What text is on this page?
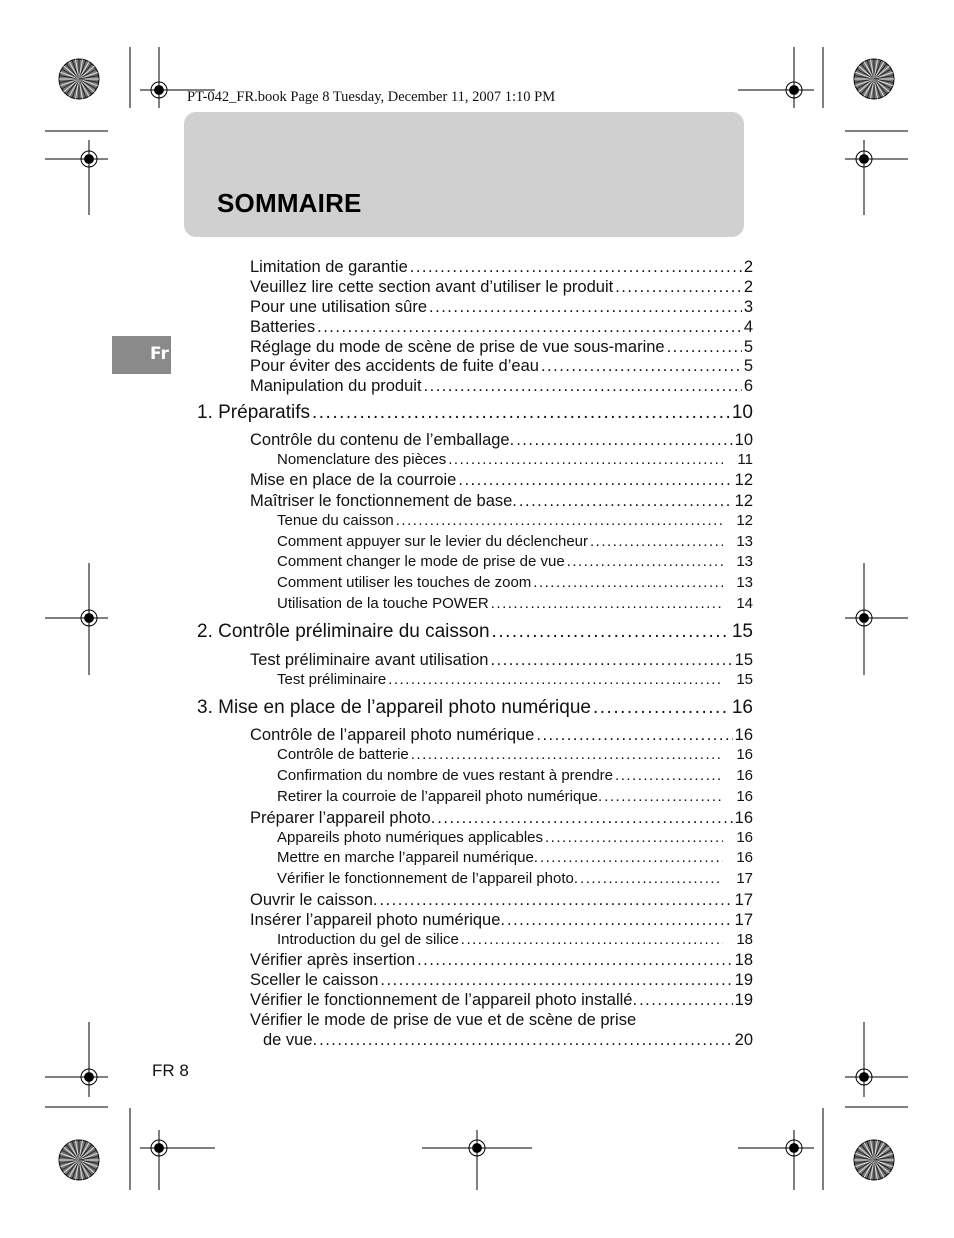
PT-042_FR.book Page 8 Tuesday, December 11, 2007 1:10 PM
SOMMAIRE
Fr
Limitation de garantie .....	2
Veuillez lire cette section avant d’utiliser le produit .....	2
Pour une utilisation sûre .....	3
Batteries .....	4
Réglage du mode de scène de prise de vue sous-marine .....	5
Pour éviter des accidents de fuite d’eau .....	5
Manipulation du produit .....	6
1. Préparatifs .....	10
Contrôle du contenu de l’emballage. .....	10
Nomenclature des pièces .....	11
Mise en place de la courroie .....	12
Maîtriser le fonctionnement de base. .....	12
Tenue du caisson .....	12
Comment appuyer sur le levier du déclencheur .....	13
Comment changer le mode de prise de vue .....	13
Comment utiliser les touches de zoom .....	13
Utilisation de la touche POWER .....	14
2. Contrôle préliminaire du caisson .....	15
Test préliminaire avant utilisation .....	15
Test préliminaire .....	15
3. Mise en place de l’appareil photo numérique .....	16
Contrôle de l’appareil photo numérique .....	16
Contrôle de batterie .....	16
Confirmation du nombre de vues restant à prendre .....	16
Retirer la courroie de l’appareil photo numérique. .....	16
Préparer l’appareil photo. .....	16
Appareils photo numériques applicables .....	16
Mettre en marche l’appareil numérique. .....	16
Vérifier le fonctionnement de l’appareil photo. .....	17
Ouvrir le caisson. .....	17
Insérer l’appareil photo numérique. .....	17
Introduction du gel de silice .....	18
Vérifier après insertion .....	18
Sceller le caisson .....	19
Vérifier le fonctionnement de l’appareil photo installé. .....	19
Vérifier le mode de prise de vue et de scène de prise
de vue. .....	20
FR 8
